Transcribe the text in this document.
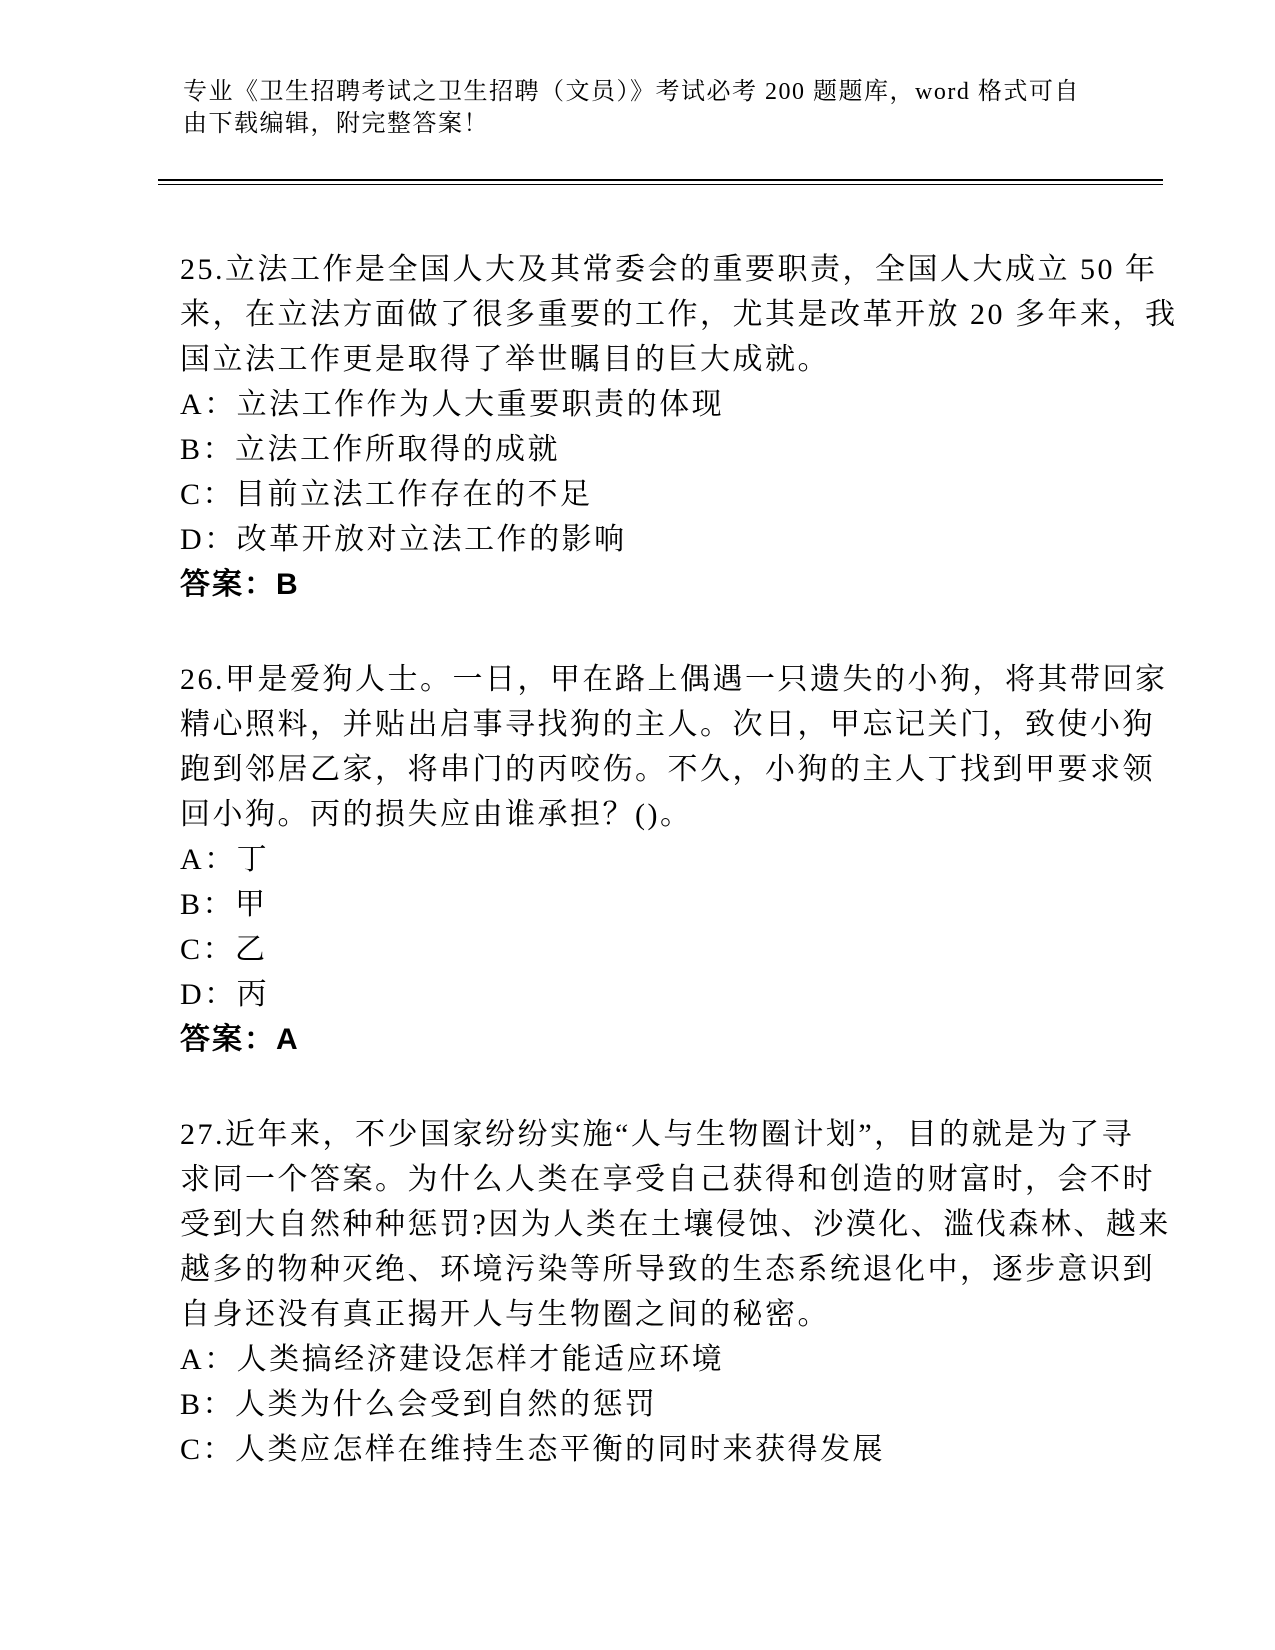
专业《卫生招聘考试之卫生招聘（文员）》考试必考 200 题题库，word 格式可自
由下载编辑，附完整答案！
25.立法工作是全国人大及其常委会的重要职责，全国人大成立 50 年
来，在立法方面做了很多重要的工作，尤其是改革开放 20 多年来，我
国立法工作更是取得了举世瞩目的巨大成就。
A：立法工作作为人大重要职责的体现
B：立法工作所取得的成就
C：目前立法工作存在的不足
D：改革开放对立法工作的影响
答案：B
26.甲是爱狗人士。一日，甲在路上偶遇一只遗失的小狗，将其带回家
精心照料，并贴出启事寻找狗的主人。次日，甲忘记关门，致使小狗
跑到邻居乙家，将串门的丙咬伤。不久，小狗的主人丁找到甲要求领
回小狗。丙的损失应由谁承担？()。
A：丁
B：甲
C：乙
D：丙
答案：A
27.近年来，不少国家纷纷实施“人与生物圈计划”，目的就是为了寻
求同一个答案。为什么人类在享受自己获得和创造的财富时，会不时
受到大自然种种惩罚?因为人类在土壤侵蚀、沙漠化、滥伐森林、越来
越多的物种灭绝、环境污染等所导致的生态系统退化中，逐步意识到
自身还没有真正揭开人与生物圈之间的秘密。
A：人类搞经济建设怎样才能适应环境
B：人类为什么会受到自然的惩罚
C：人类应怎样在维持生态平衡的同时来获得发展
